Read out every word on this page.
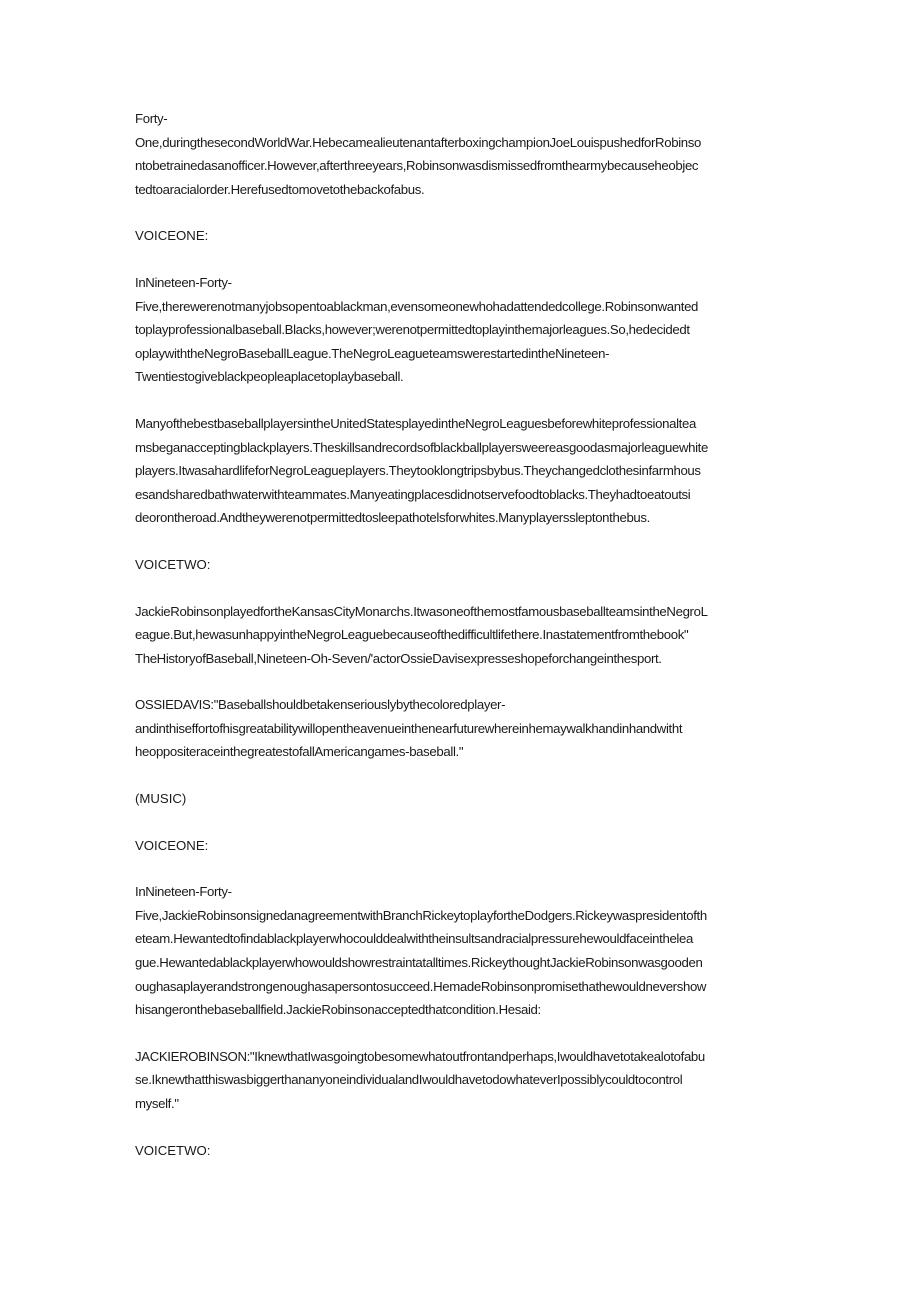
Forty-
One,duringthesecondWorldWar.HebecamealieutenantafterboxingchampionJoeLouispushedforRobinso
ntobetrainedasanofficer.However,afterthreeyears,Robinsonwasdismissedfromthearmybecauseheobjec
tedtoaracialorder.Herefusedtomovetothebackofabus.
VOICEONE:
InNineteen-Forty-
Five,therewerenotmanyjobsopentoablackman,evensomeonewhohadattendedcollege.Robinsonwanted
toplayprofessionalbaseball.Blacks,however;werenotpermittedtoplayinthemajorleagues.So,hedecidedt
oplaywiththeNegroBaseballLeague.TheNegroLeagueteamswerestartedintheNineteen-
Twentiestogiveblackpeopleaplacetoplaybaseball.
ManyofthebestbaseballplayersintheUnitedStatesplayedintheNegroLeaguesbeforewhiteprofessionaltea
msbeganacceptingblackplayers.Theskillsandrecordsofblackballplayersweereasgoodasmajorleaguewhite
players.ItwasahardlifeforNegroLeagueplayers.Theytooklongtripsbybus.Theychangedclothesinfarmhous
esandsharedbathwaterwithteammates.Manyeatingplacesdidnotservefoodtoblacks.Theyhadtoeatoutsi
deorontheroad.Andtheywerenotpermittedtosleepathotelsforwhites.Manyplayerssleptonthebus.
VOICETWO:
JackieRobinsonplayedfortheKansasCityMonarchs.ItwasoneofthemostfamousbaseballteamsintheNegroL
eague.But,hewasunhappyintheNegroLeaguebecauseofthedifficultlifethere.Inastatementfromthebook"
TheHistoryofBaseball,Nineteen-Oh-Seven/'actorOssieDavisexpresseshopeforchangeinthesport.
OSSIEDAVIS:"Baseballshouldbetakenseriouslybythecoloredplayer-
andinthiseffortofhisgreatabilitywillopentheavenueinthenearfuturewhereinhemaywalkhandinhandwitht
heoppositeraceinthegreatestofallAmericangames-baseball."
(MUSIC)
VOICEONE:
InNineteen-Forty-
Five,JackieRobinsonsignedanagreementwithBranchRickeytoplayfortheDodgers.Rickeywaspresidentofth
eteam.Hewantedtofindablackplayerwhocoulddealwiththeinsultsandracialpressurehewouldfaceinthelea
gue.Hewantedablackplayerwhowouldshowrestraintatalltimes.RickeythoughtJackieRobinsonwasgooden
oughasaplayerandstrongenoughasapersontosucceed.HemadeRobinsonpromisethathewouldnevershow
hisangeronthebaseballfield.JackieRobinsonacceptedthatcondition.Hesaid:
JACKIEROBINSON:"IknewthatIwasgoingtobesomewhatoutfrontandperhaps,Iwouldhavetotakealotofabu
se.IknewthatthiswasbiggerthananyoneindividualandIwouldhavetodowhateverIpossiblycouldtocontrol
myself."
VOICETWO:
